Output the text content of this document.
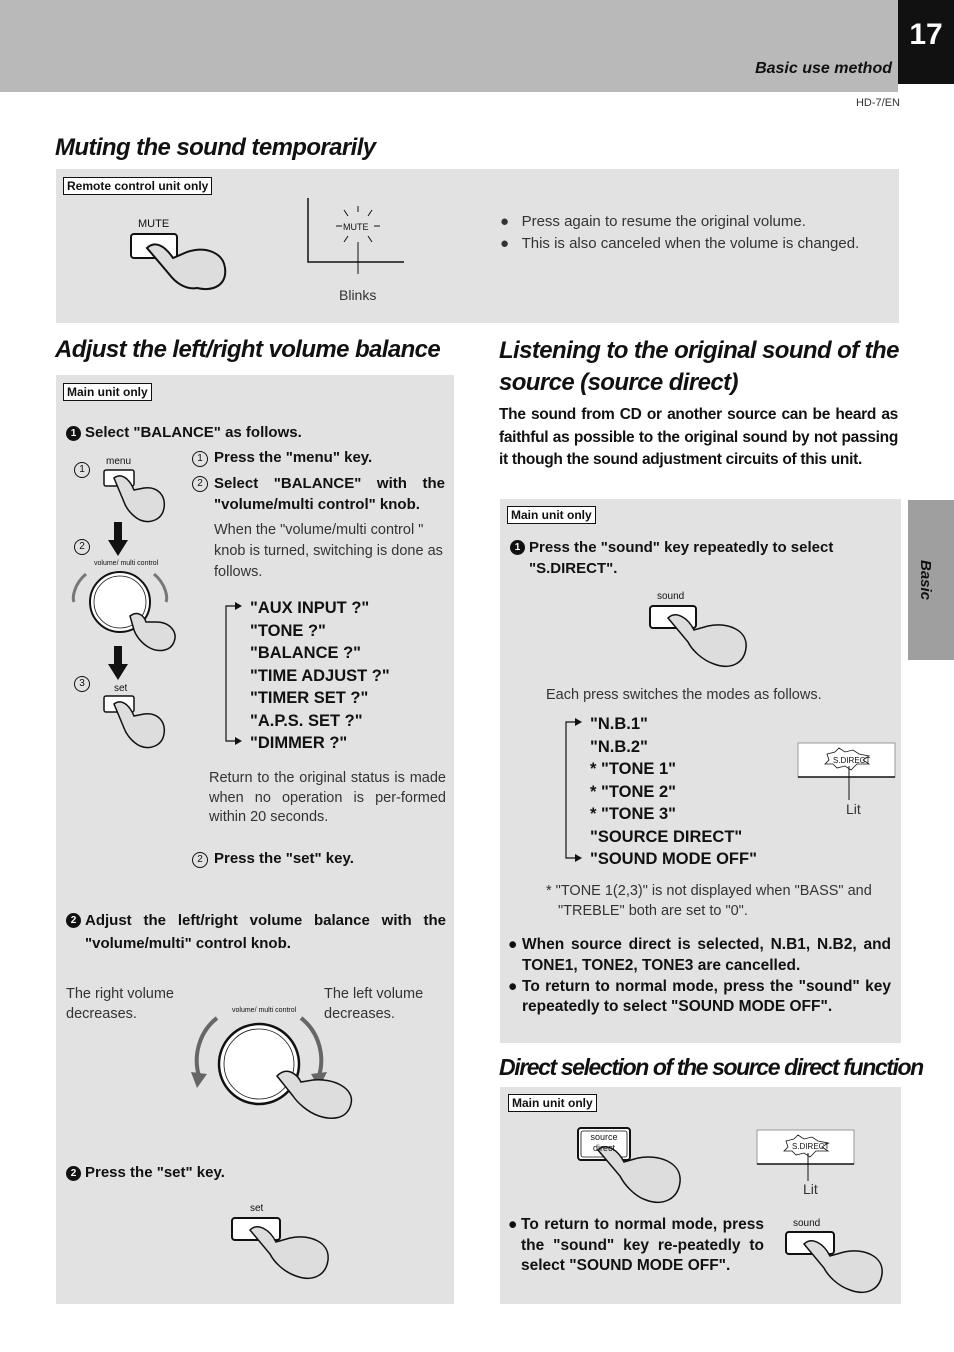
17
Basic use method
HD-7/EN
Basic
Muting the sound temporarily
Remote control unit only
MUTE	MUTE
Blinks
●   Press again to resume the original volume.
●   This is also canceled when the volume is changed.
Adjust the left/right volume balance
Main unit only
1 Select "BALANCE" as follows.
1 Press the "menu" key.
2 Select "BALANCE" with the "volume/multi control" knob.
When the "volume/multi control " knob is turned, switching is done as follows.
1
2
3
menu
volume/ multi control
set
"AUX INPUT ?"
"TONE ?"
"BALANCE ?"
"TIME ADJUST ?"
"TIMER SET ?"
"A.P.S. SET ?"
"DIMMER ?"
Return to the original status is made when no operation is per-formed within 20 seconds.
2 Press the "set" key.
2 Adjust the left/right volume balance with the "volume/multi" control knob.
The right volume decreases.
The left volume decreases.
volume/ multi control
2 Press the "set" key.
set
Listening to the original sound of the source (source direct)
The sound from CD or another source can be heard as faithful as possible to the original sound by not passing it though the sound adjustment circuits of this unit.
Main unit only
1 Press the "sound" key repeatedly to select "S.DIRECT".
sound
Each press switches the modes as follows.
"N.B.1"
"N.B.2"
* "TONE 1"
* "TONE 2"
* "TONE 3"
"SOURCE DIRECT"
"SOUND MODE OFF"
S.DIRECT
Lit
* "TONE 1(2,3)" is not displayed when "BASS" and "TREBLE" both are set to "0".
● When source direct is selected, N.B1, N.B2, and TONE1, TONE2, TONE3 are cancelled.
● To return to normal mode, press the "sound" key repeatedly to select "SOUND MODE OFF".
Direct selection of the source direct function
Main unit only
source
direct	S.DIRECT
Lit
● To return to normal mode, press the "sound" key re-peatedly to select "SOUND MODE OFF".
sound
